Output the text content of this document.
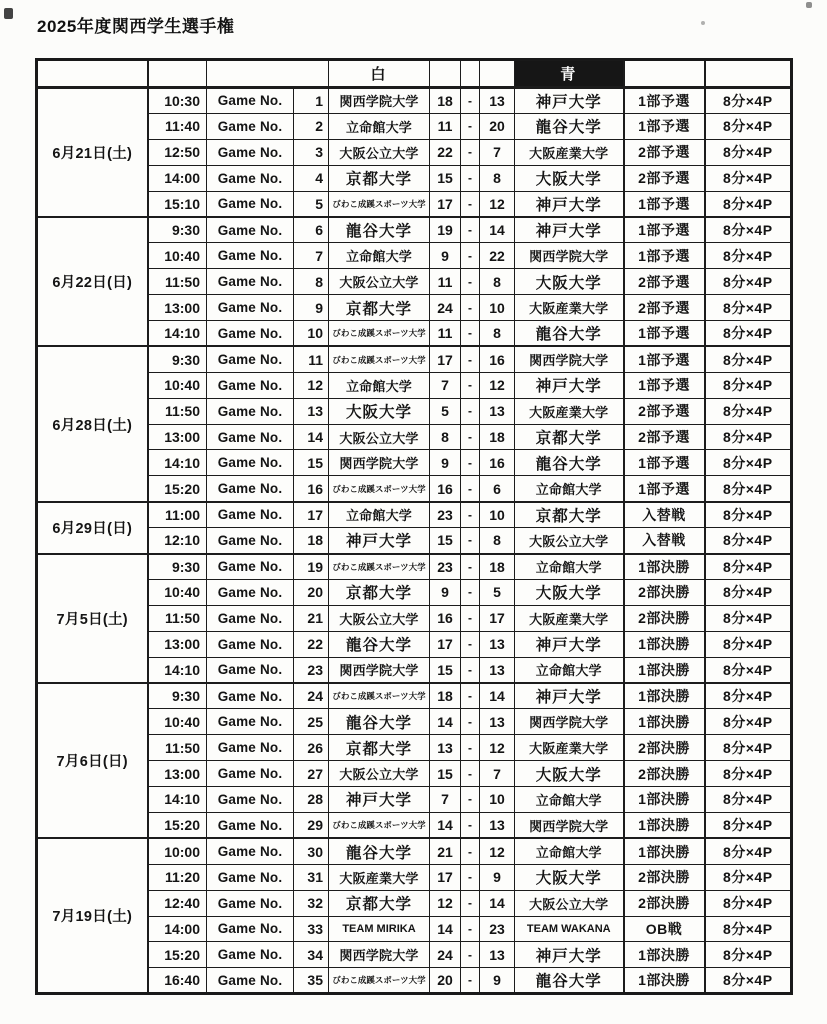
2025年度関西学生選手権
				白				青		
6月21日(土)	10:30	Game No.	1	関西学院大学	18	-	13	神戸大学	1部予選	8分×4P
	11:40	Game No.	2	立命館大学	11	-	20	龍谷大学	1部予選	8分×4P
	12:50	Game No.	3	大阪公立大学	22	-	7	大阪産業大学	2部予選	8分×4P
	14:00	Game No.	4	京都大学	15	-	8	大阪大学	2部予選	8分×4P
	15:10	Game No.	5	びわこ成蹊スポーツ大学	17	-	12	神戸大学	1部予選	8分×4P
6月22日(日)	9:30	Game No.	6	龍谷大学	19	-	14	神戸大学	1部予選	8分×4P
	10:40	Game No.	7	立命館大学	9	-	22	関西学院大学	1部予選	8分×4P
	11:50	Game No.	8	大阪公立大学	11	-	8	大阪大学	2部予選	8分×4P
	13:00	Game No.	9	京都大学	24	-	10	大阪産業大学	2部予選	8分×4P
	14:10	Game No.	10	びわこ成蹊スポーツ大学	11	-	8	龍谷大学	1部予選	8分×4P
6月28日(土)	9:30	Game No.	11	びわこ成蹊スポーツ大学	17	-	16	関西学院大学	1部予選	8分×4P
	10:40	Game No.	12	立命館大学	7	-	12	神戸大学	1部予選	8分×4P
	11:50	Game No.	13	大阪大学	5	-	13	大阪産業大学	2部予選	8分×4P
	13:00	Game No.	14	大阪公立大学	8	-	18	京都大学	2部予選	8分×4P
	14:10	Game No.	15	関西学院大学	9	-	16	龍谷大学	1部予選	8分×4P
	15:20	Game No.	16	びわこ成蹊スポーツ大学	16	-	6	立命館大学	1部予選	8分×4P
6月29日(日)	11:00	Game No.	17	立命館大学	23	-	10	京都大学	入替戦	8分×4P
	12:10	Game No.	18	神戸大学	15	-	8	大阪公立大学	入替戦	8分×4P
7月5日(土)	9:30	Game No.	19	びわこ成蹊スポーツ大学	23	-	18	立命館大学	1部決勝	8分×4P
	10:40	Game No.	20	京都大学	9	-	5	大阪大学	2部決勝	8分×4P
	11:50	Game No.	21	大阪公立大学	16	-	17	大阪産業大学	2部決勝	8分×4P
	13:00	Game No.	22	龍谷大学	17	-	13	神戸大学	1部決勝	8分×4P
	14:10	Game No.	23	関西学院大学	15	-	13	立命館大学	1部決勝	8分×4P
7月6日(日)	9:30	Game No.	24	びわこ成蹊スポーツ大学	18	-	14	神戸大学	1部決勝	8分×4P
	10:40	Game No.	25	龍谷大学	14	-	13	関西学院大学	1部決勝	8分×4P
	11:50	Game No.	26	京都大学	13	-	12	大阪産業大学	2部決勝	8分×4P
	13:00	Game No.	27	大阪公立大学	15	-	7	大阪大学	2部決勝	8分×4P
	14:10	Game No.	28	神戸大学	7	-	10	立命館大学	1部決勝	8分×4P
	15:20	Game No.	29	びわこ成蹊スポーツ大学	14	-	13	関西学院大学	1部決勝	8分×4P
7月19日(土)	10:00	Game No.	30	龍谷大学	21	-	12	立命館大学	1部決勝	8分×4P
	11:20	Game No.	31	大阪産業大学	17	-	9	大阪大学	2部決勝	8分×4P
	12:40	Game No.	32	京都大学	12	-	14	大阪公立大学	2部決勝	8分×4P
	14:00	Game No.	33	TEAM MIRIKA	14	-	23	TEAM WAKANA	OB戦	8分×4P
	15:20	Game No.	34	関西学院大学	24	-	13	神戸大学	1部決勝	8分×4P
	16:40	Game No.	35	びわこ成蹊スポーツ大学	20	-	9	龍谷大学	1部決勝	8分×4P
